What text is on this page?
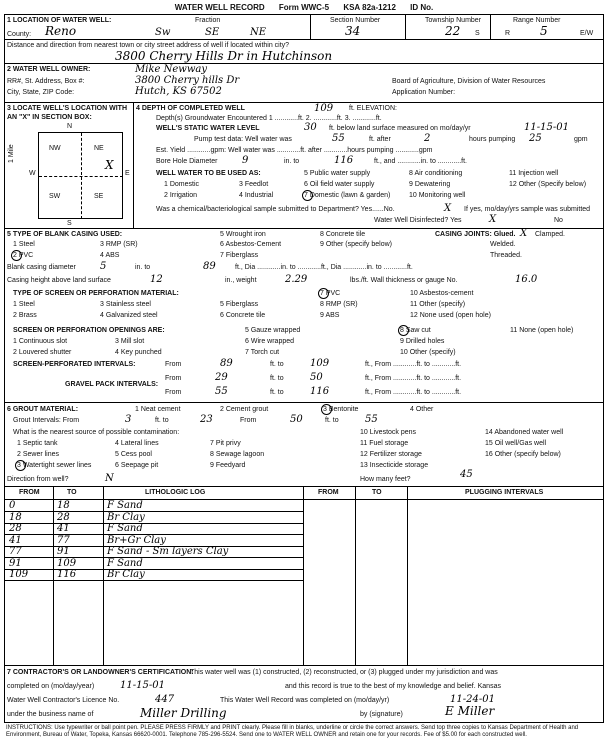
WATER WELL RECORD Form WWC-5 KSA 82a-1212 ID No.
1 LOCATION OF WATER WELL:
County: Reno
Fraction
Sw	SE	NE
Section Number
34
Township Number
22 S
Range Number
R 5	E/W
Distance and direction from nearest town or city street address of well if located within city?
3800 Cherry Hills Dr in Hutchinson
2 WATER WELL OWNER:	Mike Newway
RR#, St. Address, Box #:	3800 Cherry hills Dr
City, State, ZIP Code:	Hutch, KS 67502
Board of Agriculture, Division of Water Resources
Application Number:
3 LOCATE WELL'S LOCATION WITH
AN "X" IN SECTION BOX:
N
S
W	E
1 Mile	NW	NE
SW	SE
X
4 DEPTH OF COMPLETED WELL	109 ft. ELEVATION:
Depth(s) Groundwater Encountered 1 ............ft. 2. ............ft. 3. ............ft.
WELL'S STATIC WATER LEVEL	30 ft. below land surface measured on mo/day/yr	11-15-01
Pump test data: Well water was	55	ft. after	2	hours pumping 25	gpm
Est. Yield ............gpm: Well water was ............ft. after ............hours pumping ............gpm
Bore Hole Diameter 9	in. to	116	ft., and ............in. to ............ft.
WELL WATER TO BE USED AS:
1 Domestic
2 Irrigation
3 Feedlot
4 Industrial
5 Public water supply
6 Oil field water supply
7 Domestic (lawn & garden)
8 Air conditioning
9 Dewatering
10 Monitoring well
11 Injection well
12 Other (Specify below)
Was a chemical/bacteriological sample submitted to Department? Yes......No.	X If yes, mo/day/yrs sample was submitted
Water Well Disinfected? Yes	X	No
5 TYPE OF BLANK CASING USED:
1 Steel
2 PVC
3 RMP (SR)
4 ABS
5 Wrought iron
6 Asbestos-Cement
7 Fiberglass
8 Concrete tile
9 Other (specify below)
CASING JOINTS: Glued. X Clamped.
Welded.
Threaded.
Blank casing diameter 5	in. to	89	ft., Dia ............in. to ............ft., Dia ............in. to ............ft.
Casing height above land surface	12	in., weight	2.29	lbs./ft. Wall thickness or gauge No.	16.0
TYPE OF SCREEN OR PERFORATION MATERIAL:
1 Steel
2 Brass
3 Stainless steel
4 Galvanized steel
5 Fiberglass
6 Concrete tile
7 PVC
8 RMP (SR)
9 ABS
10 Asbestos-cement
11 Other (specify)
12 None used (open hole)
SCREEN OR PERFORATION OPENINGS ARE:
1 Continuous slot
2 Louvered shutter
3 Mill slot
4 Key punched
5 Gauze wrapped
6 Wire wrapped
7 Torch cut
8 Saw cut
9 Drilled holes
10 Other (specify)
11 None (open hole)
SCREEN-PERFORATED INTERVALS:	From	89	ft. to	109	ft., From ............ft. to ............ft.
GRAVEL PACK INTERVALS:
From	29	ft. to	50	ft., From ............ft. to ............ft.
From	55	ft. to	116	ft., From ............ft. to ............ft.
6 GROUT MATERIAL:	1 Neat cement	2 Cement grout	3 Bentonite	4 Other
Grout Intervals: From	3	ft. to	23	From	50	ft. to	55
What is the nearest source of possible contamination:
1 Septic tank
2 Sewer lines
3 Watertight sewer lines
4 Lateral lines
5 Cess pool
6 Seepage pit
7 Pit privy
8 Sewage lagoon
9 Feedyard
10 Livestock pens
11 Fuel storage
12 Fertilizer storage
13 Insecticide storage
14 Abandoned water well
15 Oil well/Gas well
16 Other (specify below)
Direction from well?	N	How many feet?	45
FROM	TO	LITHOLOGIC LOG	FROM	TO	PLUGGING INTERVALS
0	18	F Sand
18	28	Br Clay
28	41	F Sand
41	77	Br+Gr Clay
77	91	F Sand - Sm layers Clay
91	109	F Sand
109	116	Br Clay
7 CONTRACTOR'S OR LANDOWNER'S CERTIFICATION:
This water well was (1) constructed, (2) reconstructed, or (3) plugged under my jurisdiction and was
completed on (mo/day/year)	11-15-01	and this record is true to the best of my knowledge and belief. Kansas
Water Well Contractor's Licence No.	447	This Water Well Record was completed on (mo/day/yr)	11-24-01
under the business name of	Miller Drilling	by (signature)	E Miller
INSTRUCTIONS: Use typewriter or ball point pen. PLEASE PRESS FIRMLY and PRINT clearly. Please fill in blanks, underline or circle the correct answers. Send top three copies to Kansas Department of Health and Environment, Bureau of Water, Topeka, Kansas 66620-0001. Telephone 785-296-5524. Send one to WATER WELL OWNER and retain one for your records. Fee of $5.00 for each constructed well.
